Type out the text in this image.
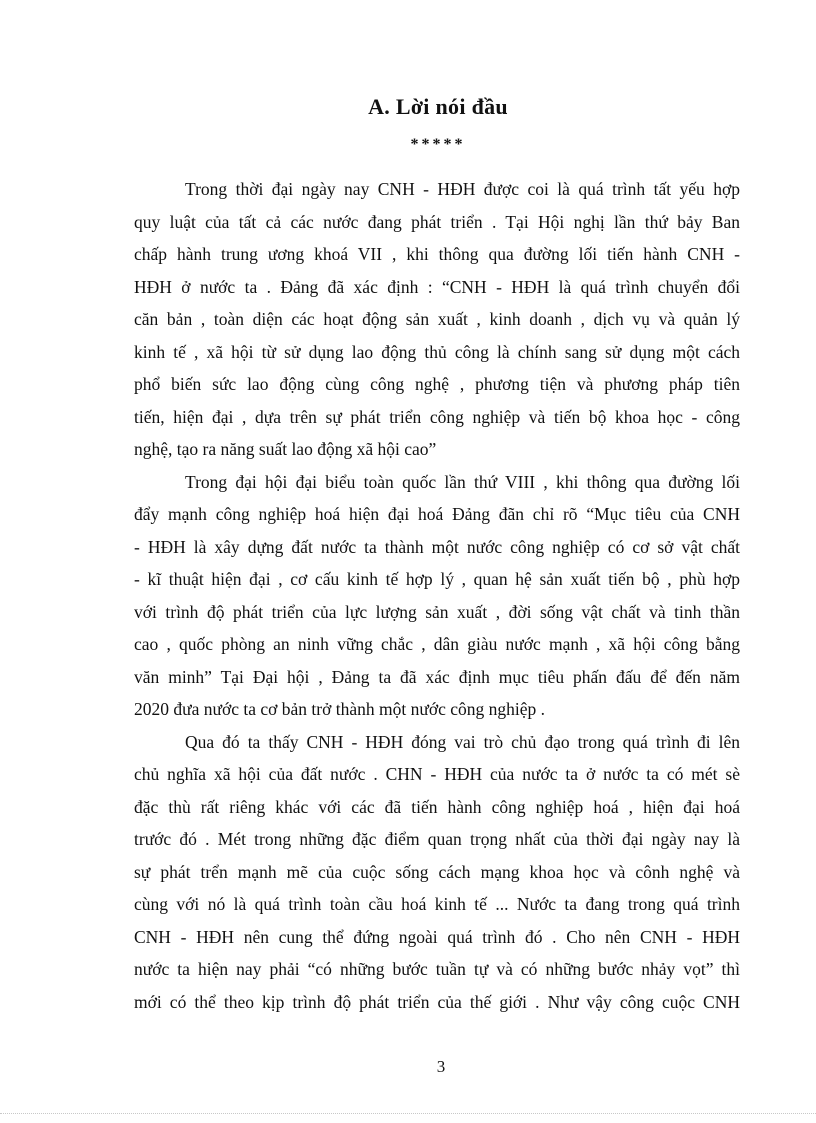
A. Lời nói đầu
*****
Trong thời đại ngày nay CNH - HĐH được coi là quá trình tất yếu hợp
quy luật của tất cả các nước đang phát triển . Tại Hội nghị lần thứ bảy Ban
chấp hành trung ương khoá VII , khi thông qua đường lối tiến hành CNH -
HĐH ở nước ta . Đảng đã xác định : “CNH - HĐH là quá trình chuyển đổi
căn bản , toàn diện các hoạt động sản xuất , kinh doanh , dịch vụ và quản lý
kinh tế , xã hội từ sử dụng lao động thủ công là chính sang sử dụng một cách
phổ biến sức lao động cùng công nghệ , phương tiện và phương pháp tiên
tiến, hiện đại , dựa trên sự phát triển công nghiệp và tiến bộ khoa học - công
nghệ, tạo ra năng suất lao động xã hội cao”
Trong đại hội đại biểu toàn quốc lần thứ VIII , khi thông qua đường lối
đẩy mạnh công nghiệp hoá hiện đại hoá Đảng đãn chỉ rõ “Mục tiêu của CNH
- HĐH là xây dựng đất nước ta thành một nước công nghiệp có cơ sở vật chất
- kĩ thuật hiện đại , cơ cấu kinh tế hợp lý , quan hệ sản xuất tiến bộ , phù hợp
với trình độ phát triển của lực lượng sản xuất , đời sống vật chất và tinh thần
cao , quốc phòng an ninh vững chắc , dân giàu nước mạnh , xã hội công bằng
văn minh” Tại Đại hội , Đảng ta đã xác định mục tiêu phấn đấu để đến năm
2020 đưa nước ta cơ bản trở thành một nước công nghiệp .
Qua đó ta thấy CNH - HĐH đóng vai trò chủ đạo trong quá trình đi lên
chủ nghĩa xã hội của đất nước . CHN - HĐH của nước ta ở nước ta có mét sè
đặc thù rất riêng khác với các đã tiến hành công nghiệp hoá , hiện đại hoá
trước đó . Mét trong những đặc điểm quan trọng nhất của thời đại ngày nay là
sự phát trển mạnh mẽ của cuộc sống cách mạng khoa học và cônh nghệ và
cùng với nó là quá trình toàn cầu hoá kinh tế ... Nước ta đang trong quá trình
CNH - HĐH nên cung thể đứng ngoài quá trình đó . Cho nên CNH - HĐH
nước ta hiện nay phải “có những bước tuần tự và có những bước nhảy vọt” thì
mới có thể theo kịp trình độ phát triển của thế giới . Như vậy công cuộc CNH
3
